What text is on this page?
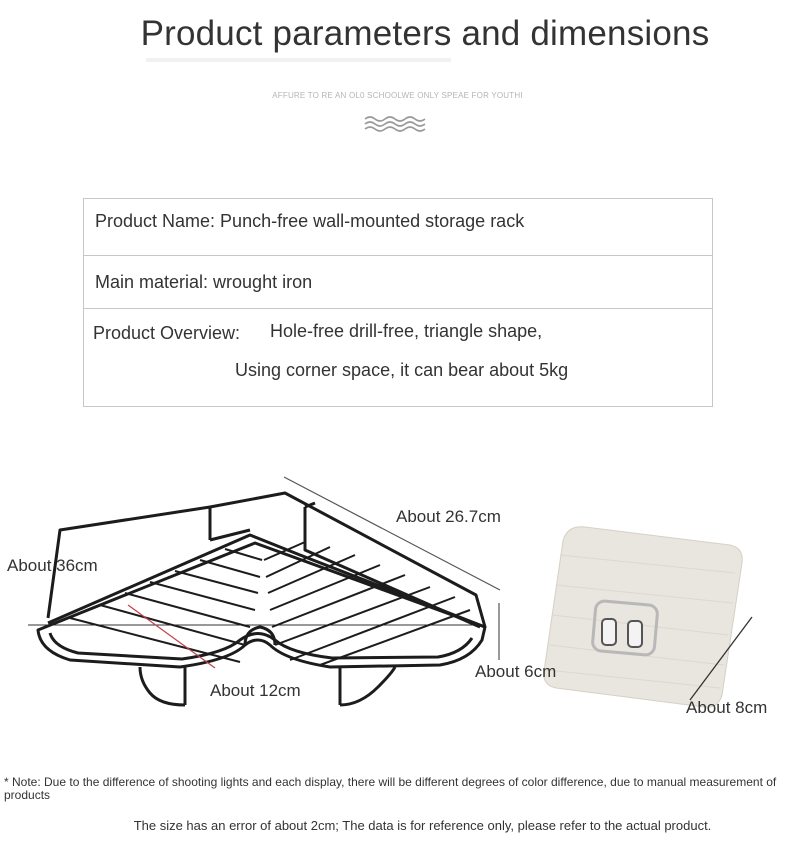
Product parameters and dimensions
AFFURE TO RE AN OL0 SCHOOLWE ONLY SPEAE FOR YOUTHI
Product Name: Punch-free wall-mounted storage rack
Main material: wrought iron
Product Overview: Hole-free drill-free, triangle shape,
Using corner space, it can bear about 5kg
About 26.7cm
About 36cm
About 12cm
About 6cm
About 8cm
* Note: Due to the difference of shooting lights and each display, there will be different degrees of color difference, due to manual measurement of products
The size has an error of about 2cm; The data is for reference only, please refer to the actual product.
